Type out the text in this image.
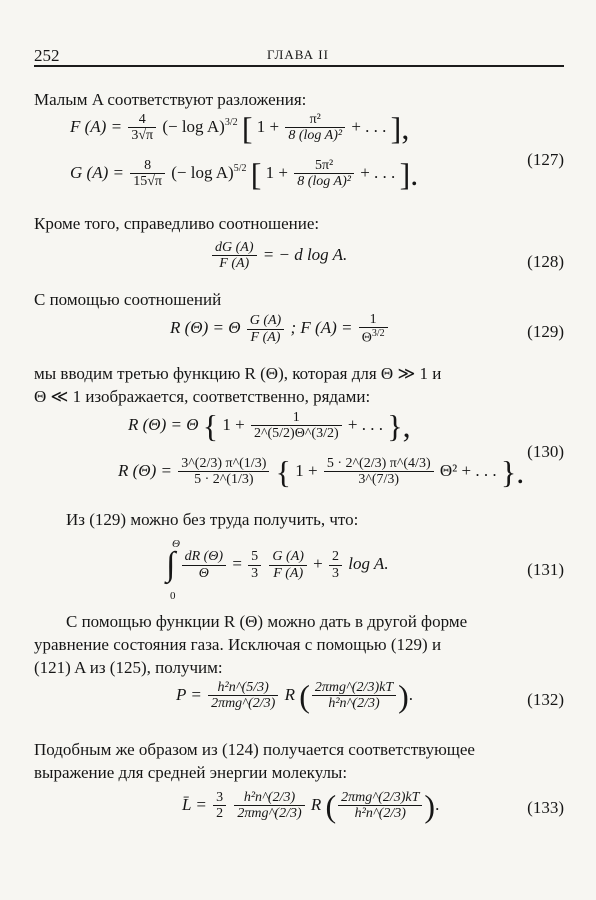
252	ГЛАВА II
Малым A соответствуют разложения:
F $(A) = \frac{4}{3√\pi}$ (− log A)$^{3/2}$ [ $1 + \frac{\text{π²}}{\text{8 (log A)²}}$ + . . . ],
G $(A) = \frac{8}{15√\pi}$ (− log A)$^{5/2}$ [ $1 + \frac{\text{5π²}}{\text{8 (log A)²}}$ + . . . ].	(127)
Кроме того, справедливо соотношение:
$\frac{dG (A)}{F (A)}$ = − d log A.	(128)
С помощью соотношений
R (Θ) = Θ $\frac{G (A)}{F (A)}$ ; F $(A) = \frac{1}{\Theta^{3/2}}$	(129)
мы вводим третью функцию R (Θ), которая для Θ ≫ 1 и
Θ ≪ 1 изображается, соответственно, рядами:
R (Θ) = Θ { $1 + \frac{1}{2\^{}(5/2)\Theta\^{}(3/2)}$ + . . . },
R $(\Theta) = \frac{3\^{}(2/3) \pi\^{}(1/3)}{5 \cdot 2\^{}(1/3)}$ { $1 + \frac{5 \cdot 2\^{}(2/3) \pi\^{}(4/3)}{3\^{}(7/3)} \Theta^2$ + . . . }.
(130)
Из (129) можно без труда получить, что:
Θ
0
∫ $\frac{dR (\Theta)}{\Theta} = \frac{5}{3}$
$\frac{G (A)}{F (A)} + \frac{2}{3}$ log A.	(131)
С помощью функции R (Θ) можно дать в другой форме
уравнение состояния газа. Исключая с помощью (129) и
(121) A из (125), получим:
$P = \frac{\text{h²n\textasciicircum{}(5/3)}}{\text{2πmg\textasciicircum{}(2/3)}}$ R ( $\frac{\text{2πmg\textasciicircum{}(2/3)kT}}{\text{h²n\textasciicircum{}(2/3)}}$ ).	(132)
Подобным же образом из (124) получается соответствующее
выражение для средней энергии молекулы:
L̄ = $\frac{3}{2}$
$\frac{\text{h²n\textasciicircum{}(2/3)}}{\text{2πmg\textasciicircum{}(2/3)}}$ R ( $\frac{\text{2πmg\textasciicircum{}(2/3)kT}}{\text{h²n\textasciicircum{}(2/3)}}$ ).	(133)
